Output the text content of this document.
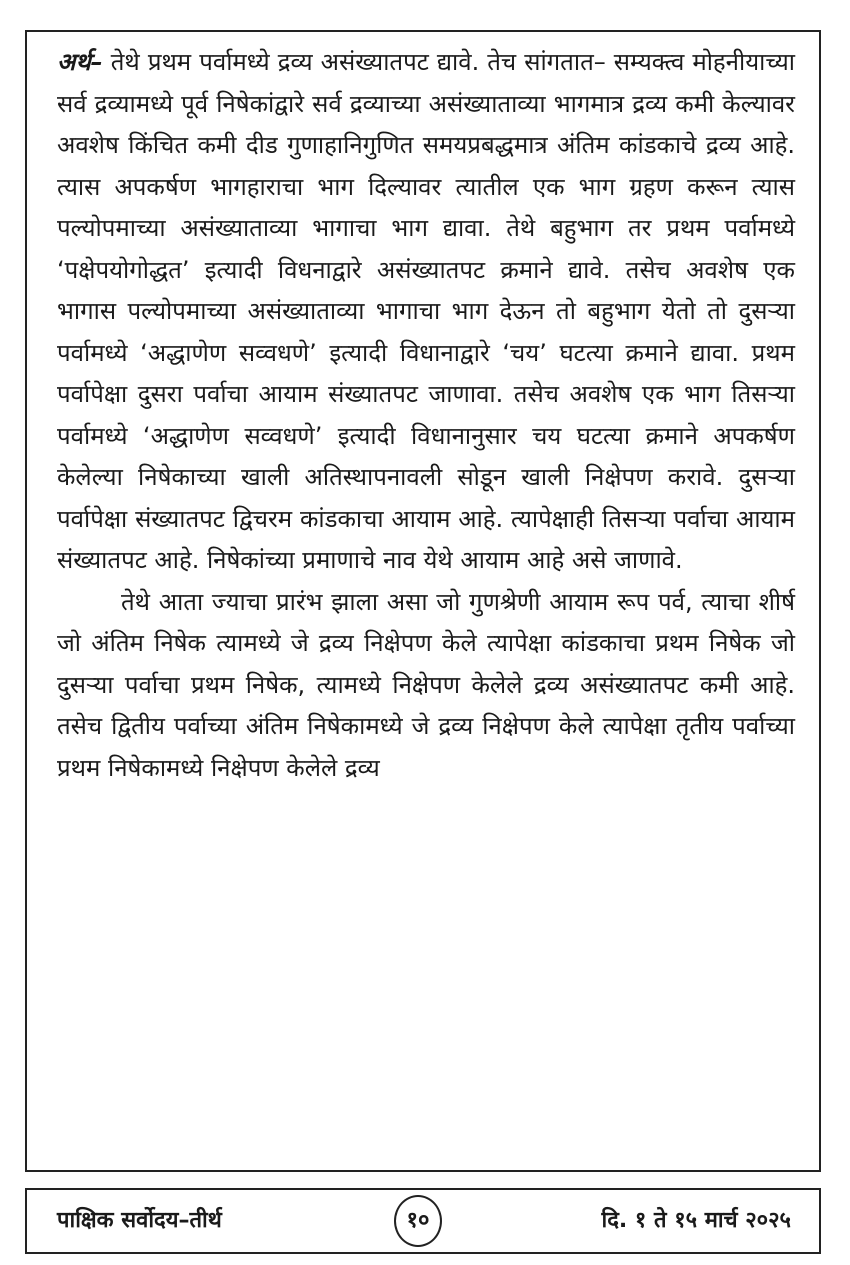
अर्थ– तेथे प्रथम पर्वामध्ये द्रव्य असंख्यातपट द्यावे. तेच सांगतात– सम्यक्त्व मोहनीयाच्या सर्व द्रव्यामध्ये पूर्व निषेकांद्वारे सर्व द्रव्याच्या असंख्याताव्या भागमात्र द्रव्य कमी केल्यावर अवशेष किंचित कमी दीड गुणाहानिगुणित समयप्रबद्धमात्र अंतिम कांडकाचे द्रव्य आहे. त्यास अपकर्षण भागहाराचा भाग दिल्यावर त्यातील एक भाग ग्रहण करून त्यास पल्योपमाच्या असंख्याताव्या भागाचा भाग द्यावा. तेथे बहुभाग तर प्रथम पर्वामध्ये ‘पक्षेपयोगोद्धत’ इत्यादी विधनाद्वारे असंख्यातपट क्रमाने द्यावे. तसेच अवशेष एक भागास पल्योपमाच्या असंख्याताव्या भागाचा भाग देऊन तो बहुभाग येतो तो दुसऱ्या पर्वामध्ये ‘अद्धाणेण सव्वधणे’ इत्यादी विधानाद्वारे ‘चय’ घटत्या क्रमाने द्यावा. प्रथम पर्वापेक्षा दुसरा पर्वाचा आयाम संख्यातपट जाणावा. तसेच अवशेष एक भाग तिसऱ्या पर्वामध्ये ‘अद्धाणेण सव्वधणे’ इत्यादी विधानानुसार चय घटत्या क्रमाने अपकर्षण केलेल्या निषेकाच्या खाली अतिस्थापनावली सोडून खाली निक्षेपण करावे. दुसऱ्या पर्वापेक्षा संख्यातपट द्विचरम कांडकाचा आयाम आहे. त्यापेक्षाही तिसऱ्या पर्वाचा आयाम संख्यातपट आहे. निषेकांच्या प्रमाणाचे नाव येथे आयाम आहे असे जाणावे.

तेथे आता ज्याचा प्रारंभ झाला असा जो गुणश्रेणी आयाम रूप पर्व, त्याचा शीर्ष जो अंतिम निषेक त्यामध्ये जे द्रव्य निक्षेपण केले त्यापेक्षा कांडकाचा प्रथम निषेक जो दुसऱ्या पर्वाचा प्रथम निषेक, त्यामध्ये निक्षेपण केलेले द्रव्य असंख्यातपट कमी आहे. तसेच द्वितीय पर्वाच्या अंतिम निषेकामध्ये जे द्रव्य निक्षेपण केले त्यापेक्षा तृतीय पर्वाच्या प्रथम निषेकामध्ये निक्षेपण केलेले द्रव्य

पाक्षिक सर्वोदय–तीर्थ	१०	दि. १ ते १५ मार्च २०२५
